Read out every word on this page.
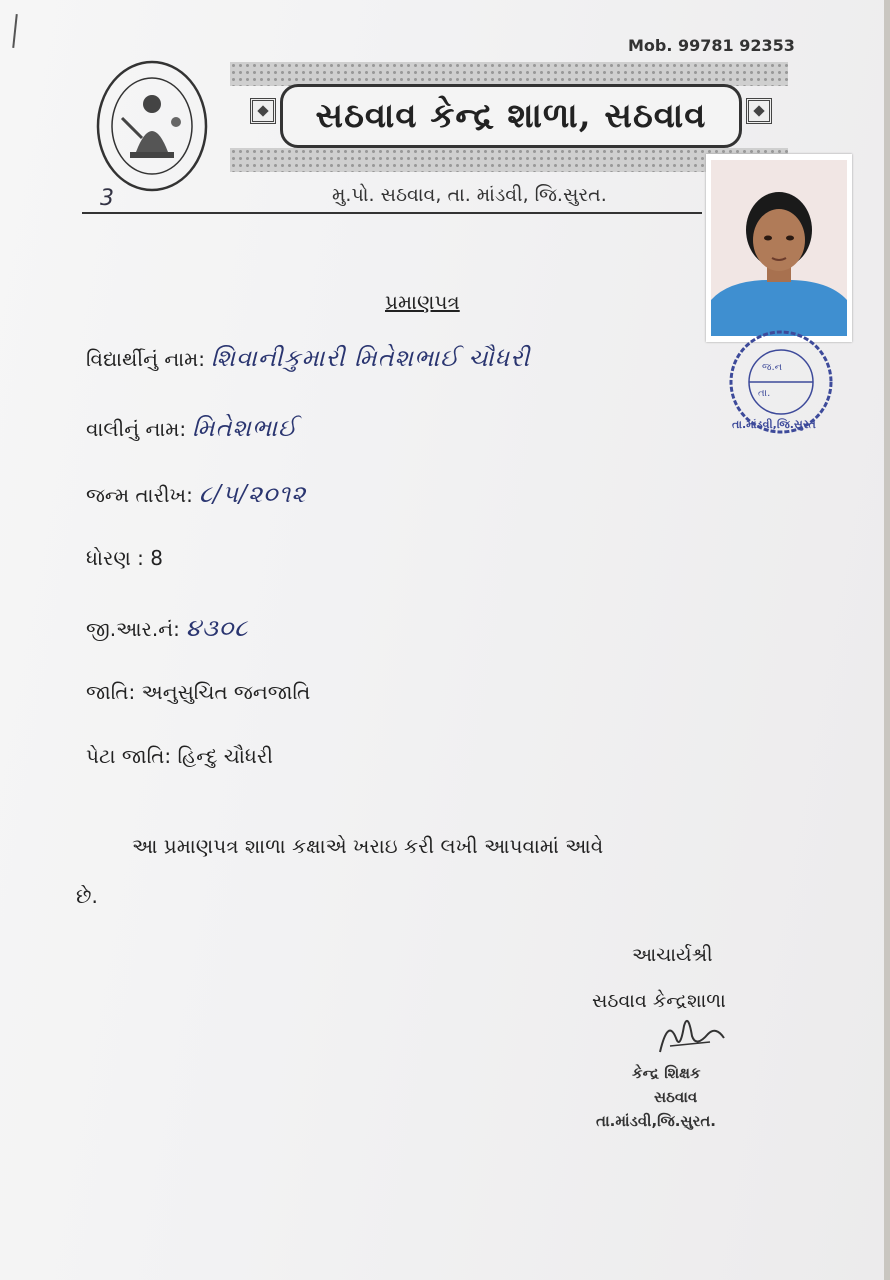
Mob. 99781 92353
સઠવાવ કેન્દ્ર શાળા, સઠવાવ
મુ.પો. સઠવાવ, તા. માંડવી, જિ.સુરત.
3
જ.ન
તા.
તા.માંડવી,જિ.સુરત
પ્રમાણપત્ર
વિદ્યાર્થીનું નામ: શિવાનીકુમારી મિતેશભાઈ ચૌધરી
વાલીનું નામ: મિતેશભાઈ
જન્મ તારીખ: ૮/૫/૨૦૧૨
ધોરણ : 8
જી.આર.નં: ૪૩૦૮
જાતિ: અનુસુચિત જનજાતિ
પેટા જાતિ: હિન્દુ ચૌધરી
આ પ્રમાણપત્ર શાળા કક્ષાએ ખરાઇ કરી લખી આપવામાં આવે
છે.
આચાર્યશ્રી
સઠવાવ કેન્દ્રશાળા
કેન્દ્ર શિક્ષક
સઠવાવ
તા.માંડવી,જિ.સુરત.
